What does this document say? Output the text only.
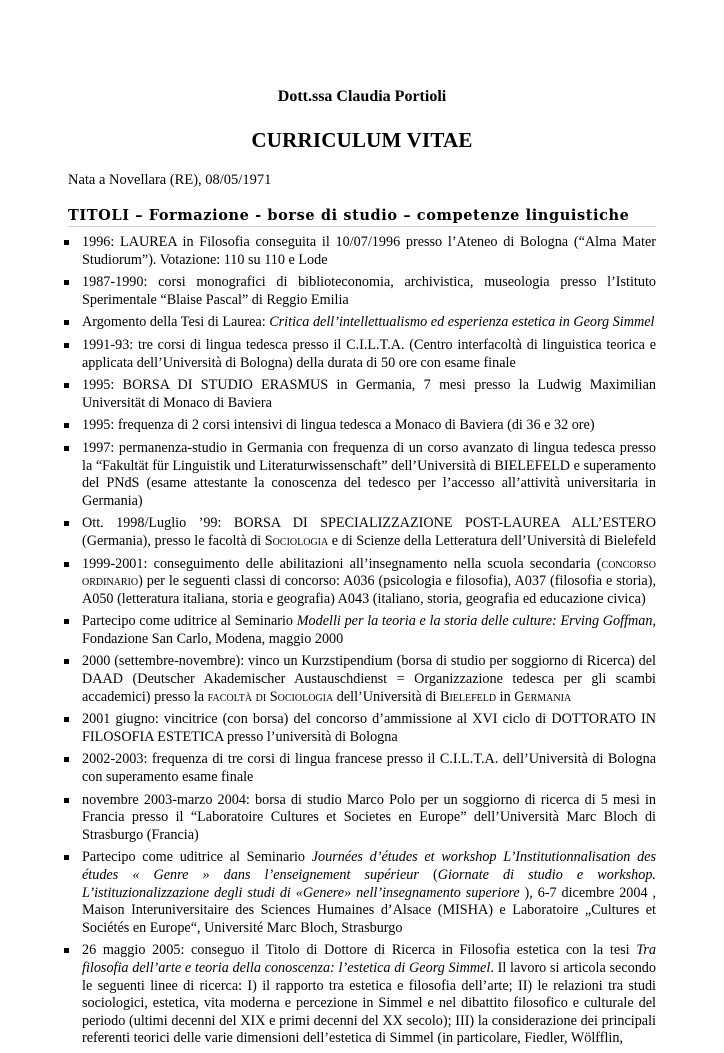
Dott.ssa Claudia Portioli
CURRICULUM VITAE
Nata a Novellara (RE), 08/05/1971
TITOLI – Formazione - borse di studio – competenze linguistiche
1996: LAUREA in Filosofia conseguita il 10/07/1996 presso l’Ateneo di Bologna (“Alma Mater Studiorum”). Votazione: 110 su 110 e Lode
1987-1990: corsi monografici di biblioteconomia, archivistica, museologia presso l’Istituto Sperimentale “Blaise Pascal” di Reggio Emilia
Argomento della Tesi di Laurea: Critica dell’intellettualismo ed esperienza estetica in Georg Simmel
1991-93: tre corsi di lingua tedesca presso il C.I.L.T.A. (Centro interfacoltà di linguistica teorica e applicata dell’Università di Bologna) della durata di 50 ore con esame finale
1995: BORSA DI STUDIO ERASMUS in Germania, 7 mesi presso la Ludwig Maximilian Universität di Monaco di Baviera
1995: frequenza di 2 corsi intensivi di lingua tedesca a Monaco di Baviera (di 36 e 32 ore)
1997: permanenza-studio in Germania con frequenza di un corso avanzato di lingua tedesca presso la “Fakultät für Linguistik und Literaturwissenschaft” dell’Università di BIELEFELD e superamento del PNdS (esame attestante la conoscenza del tedesco per l’accesso all’attività universitaria in Germania)
Ott. 1998/Luglio ’99: BORSA DI SPECIALIZZAZIONE POST-LAUREA ALL’ESTERO (Germania), presso le facoltà di Sociologia e di Scienze della Letteratura dell’Università di Bielefeld
1999-2001: conseguimento delle abilitazioni all’insegnamento nella scuola secondaria (concorso ordinario) per le seguenti classi di concorso: A036 (psicologia e filosofia), A037 (filosofia e storia), A050 (letteratura italiana, storia e geografia) A043 (italiano, storia, geografia ed educazione civica)
Partecipo come uditrice al Seminario Modelli per la teoria e la storia delle culture: Erving Goffman, Fondazione San Carlo, Modena, maggio 2000
2000 (settembre-novembre): vinco un Kurzstipendium (borsa di studio per soggiorno di Ricerca) del DAAD (Deutscher Akademischer Austauschdienst = Organizzazione tedesca per gli scambi accademici) presso la facoltà di Sociologia dell’Università di Bielefeld in Germania
2001 giugno: vincitrice (con borsa) del concorso d’ammissione al XVI ciclo di DOTTORATO IN FILOSOFIA ESTETICA presso l’università di Bologna
2002-2003: frequenza di tre corsi di lingua francese presso il C.I.L.T.A. dell’Università di Bologna con superamento esame finale
novembre 2003-marzo 2004: borsa di studio Marco Polo per un soggiorno di ricerca di 5 mesi in Francia presso il “Laboratoire Cultures et Societes en Europe” dell’Università Marc Bloch di Strasburgo (Francia)
Partecipo come uditrice al Seminario Journées d’études et workshop L’Institutionnalisation des études « Genre » dans l’enseignement supérieur (Giornate di studio e workshop. L’istituzionalizzazione degli studi di «Genere» nell’insegnamento superiore ), 6-7 dicembre 2004 , Maison Interuniversitaire des Sciences Humaines d’Alsace (MISHA) e Laboratoire „Cultures et Sociétés en Europe“, Université Marc Bloch, Strasburgo
26 maggio 2005: conseguo il Titolo di Dottore di Ricerca in Filosofia estetica con la tesi Tra filosofia dell’arte e teoria della conoscenza: l’estetica di Georg Simmel. Il lavoro si articola secondo le seguenti linee di ricerca: I) il rapporto tra estetica e filosofia dell’arte; II) le relazioni tra studi sociologici, estetica, vita moderna e percezione in Simmel e nel dibattito filosofico e culturale del periodo (ultimi decenni del XIX e primi decenni del XX secolo); III) la considerazione dei principali referenti teorici delle varie dimensioni dell’estetica di Simmel (in particolare, Fiedler, Wölfflin,
